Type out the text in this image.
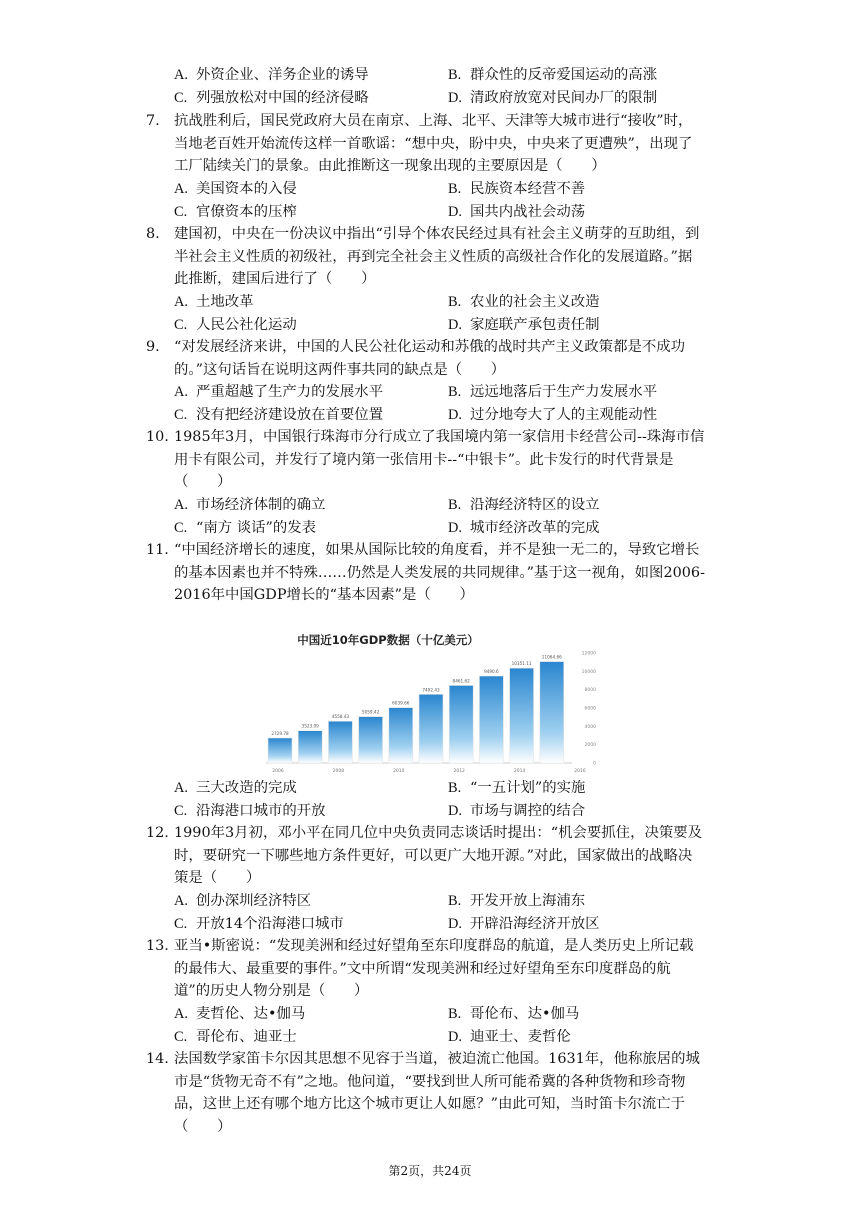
A. 外资企业、洋务企业的诱导	B. 群众性的反帝爱国运动的高涨
C. 列强放松对中国的经济侵略	D. 清政府放宽对民间办厂的限制
7. 抗战胜利后，国民党政府大员在南京、上海、北平、天津等大城市进行“接收”时，当地老百姓开始流传这样一首歌谣：“想中央，盼中央，中央来了更遭殃”，出现了工厂陆续关门的景象。由此推断这一现象出现的主要原因是（　　）
A. 美国资本的入侵	B. 民族资本经营不善
C. 官僚资本的压榨	D. 国共内战社会动荡
8. 建国初，中央在一份决议中指出“引导个体农民经过具有社会主义萌芽的互助组，到半社会主义性质的初级社，再到完全社会主义性质的高级社合作化的发展道路。”据此推断，建国后进行了（　　）
A. 土地改革	B. 农业的社会主义改造
C. 人民公社化运动	D. 家庭联产承包责任制
9. “对发展经济来讲，中国的人民公社化运动和苏俄的战时共产主义政策都是不成功的。”这句话旨在说明这两件事共同的缺点是（　　）
A. 严重超越了生产力的发展水平	B. 远远地落后于生产力发展水平
C. 没有把经济建设放在首要位置	D. 过分地夸大了人的主观能动性
10. 1985年3月，中国银行珠海市分行成立了我国境内第一家信用卡经营公司--珠海市信用卡有限公司，并发行了境内第一张信用卡--“中银卡”。此卡发行的时代背景是（　　）
A. 市场经济体制的确立	B. 沿海经济特区的设立
C. “南方 谈话”的发表	D. 城市经济改革的完成
11. “中国经济增长的速度，如果从国际比较的角度看，并不是独一无二的，导致它增长的基本因素也并不特殊……仍然是人类发展的共同规律。”基于这一视角，如图2006-2016年中国GDP增长的“基本因素”是（　　）
中国近10年GDP数据（十亿美元）
2729.78
3523.09
4558.43
5059.42
6039.66
7492.43
8461.62
9490.6
10351.11
11064.66
2006	2008	2010	2012	2014	2016
0
2000
4000
6000
8000
10000
12000
A. 三大改造的完成	B. “一五计划”的实施
C. 沿海港口城市的开放	D. 市场与调控的结合
12. 1990年3月初，邓小平在同几位中央负责同志谈话时提出：“机会要抓住，决策要及时，要研究一下哪些地方条件更好，可以更广大地开源。”对此，国家做出的战略决策是（　　）
A. 创办深圳经济特区	B. 开发开放上海浦东
C. 开放14个沿海港口城市	D. 开辟沿海经济开放区
13. 亚当•斯密说：“发现美洲和经过好望角至东印度群岛的航道，是人类历史上所记载的最伟大、最重要的事件。”文中所谓“发现美洲和经过好望角至东印度群岛的航道”的历史人物分别是（　　）
A. 麦哲伦、达•伽马	B. 哥伦布、达•伽马
C. 哥伦布、迪亚士	D. 迪亚士、麦哲伦
14. 法国数学家笛卡尔因其思想不见容于当道，被迫流亡他国。1631年，他称旅居的城市是“货物无奇不有”之地。他问道，“要找到世人所可能希冀的各种货物和珍奇物品，这世上还有哪个地方比这个城市更让人如愿？”由此可知，当时笛卡尔流亡于（　　）
第2页，共24页
